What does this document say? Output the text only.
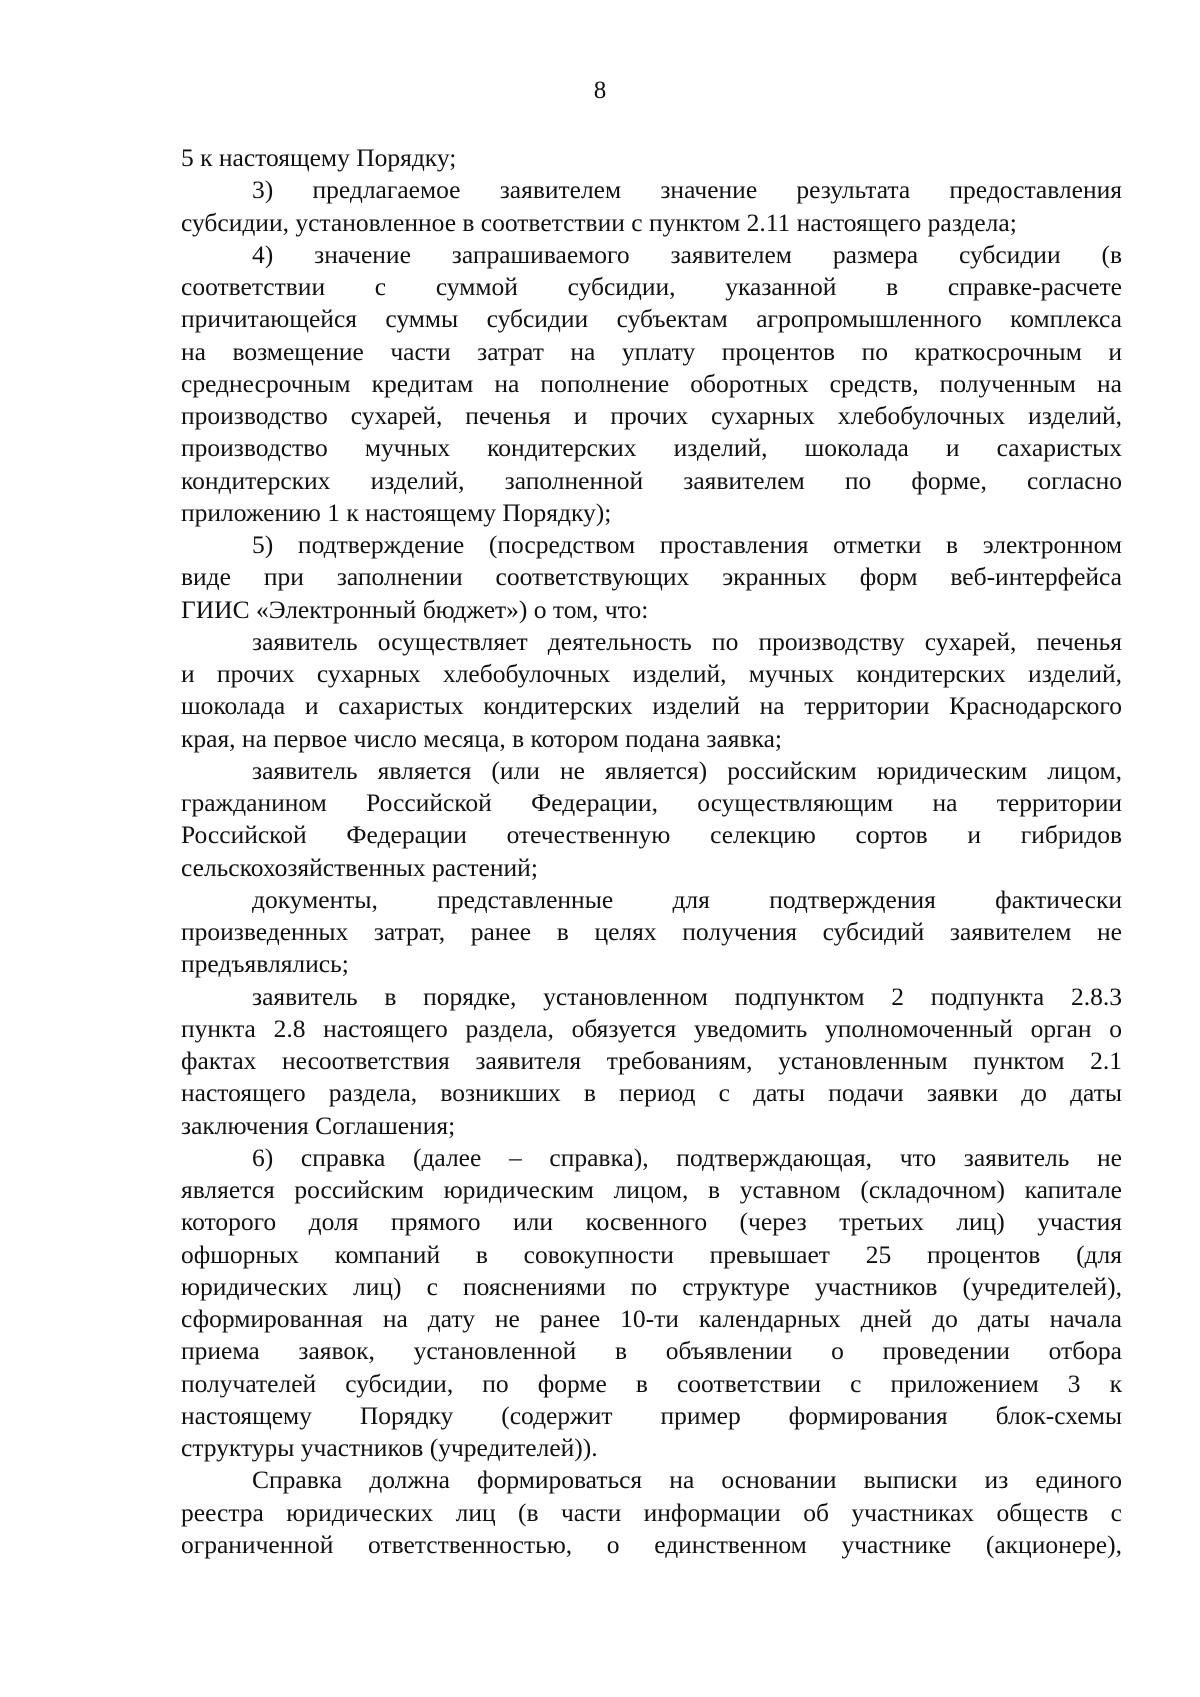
8
5 к настоящему Порядку;
3) предлагаемое заявителем значение результата предоставления
субсидии, установленное в соответствии с пунктом 2.11 настоящего раздела;
4) значение запрашиваемого заявителем размера субсидии (в
соответствии с суммой субсидии, указанной в справке-расчете
причитающейся суммы субсидии субъектам агропромышленного комплекса
на возмещение части затрат на уплату процентов по краткосрочным и
среднесрочным кредитам на пополнение оборотных средств, полученным на
производство сухарей, печенья и прочих сухарных хлебобулочных изделий,
производство мучных кондитерских изделий, шоколада и сахаристых
кондитерских изделий, заполненной заявителем по форме, согласно
приложению 1 к настоящему Порядку);
5) подтверждение (посредством проставления отметки в электронном
виде при заполнении соответствующих экранных форм веб-интерфейса
ГИИС «Электронный бюджет») о том, что:
заявитель осуществляет деятельность по производству сухарей, печенья
и прочих сухарных хлебобулочных изделий, мучных кондитерских изделий,
шоколада и сахаристых кондитерских изделий на территории Краснодарского
края, на первое число месяца, в котором подана заявка;
заявитель является (или не является) российским юридическим лицом,
гражданином Российской Федерации, осуществляющим на территории
Российской Федерации отечественную селекцию сортов и гибридов
сельскохозяйственных растений;
документы, представленные для подтверждения фактически
произведенных затрат, ранее в целях получения субсидий заявителем не
предъявлялись;
заявитель в порядке, установленном подпунктом 2 подпункта 2.8.3
пункта 2.8 настоящего раздела, обязуется уведомить уполномоченный орган о
фактах несоответствия заявителя требованиям, установленным пунктом 2.1
настоящего раздела, возникших в период с даты подачи заявки до даты
заключения Соглашения;
6) справка (далее – справка), подтверждающая, что заявитель не
является российским юридическим лицом, в уставном (складочном) капитале
которого доля прямого или косвенного (через третьих лиц) участия
офшорных компаний в совокупности превышает 25 процентов (для
юридических лиц) с пояснениями по структуре участников (учредителей),
сформированная на дату не ранее 10-ти календарных дней до даты начала
приема заявок, установленной в объявлении о проведении отбора
получателей субсидии, по форме в соответствии с приложением 3 к
настоящему Порядку (содержит пример формирования блок-схемы
структуры участников (учредителей)).
Справка должна формироваться на основании выписки из единого
реестра юридических лиц (в части информации об участниках обществ с
ограниченной ответственностью, о единственном участнике (акционере),
